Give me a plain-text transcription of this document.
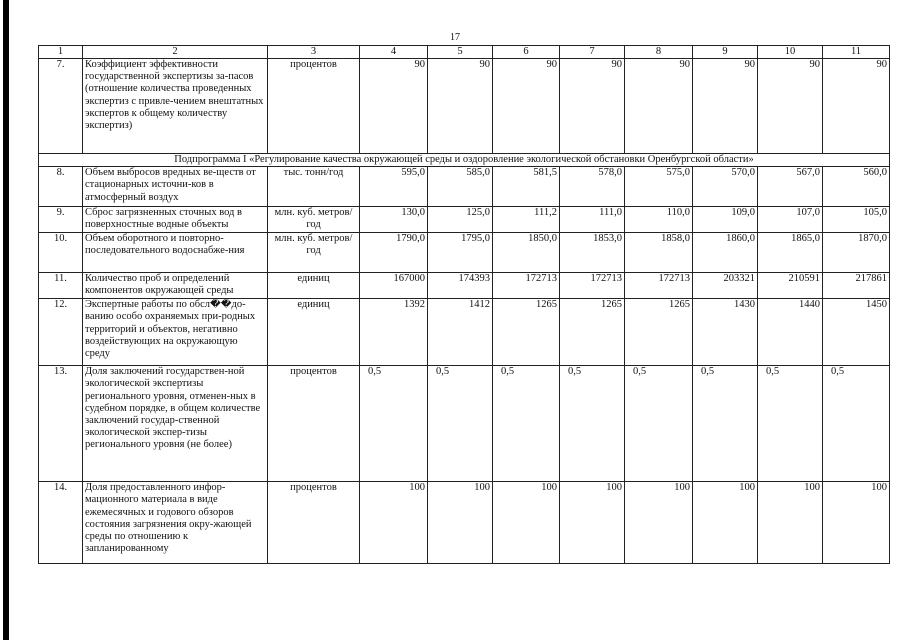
17
1	2	3	4	5	6	7	8	9	10	11
7.	Коэффициент эффективности государственной экспертизы за-пасов (отношение количества проведенных экспертиз с привле-чением внештатных экспертов к общему количеству экспертиз)	процентов	90	90	90	90	90	90	90	90
Подпрограмма I «Регулирование качества окружающей среды и оздоровление экологической обстановки Оренбургской области»										
8.	Объем выбросов вредных ве-ществ от стационарных источни-ков в атмосферный воздух	тыс. тонн/год	595,0	585,0	581,5	578,0	575,0	570,0	567,0	560,0
9.	Сброс загрязненных сточных вод в поверхностные водные объекты	млн. куб. метров/год	130,0	125,0	111,2	111,0	110,0	109,0	107,0	105,0
10.	Объем оборотного и повторно-последовательного водоснабже-ния	млн. куб. метров/год	1790,0	1795,0	1850,0	1853,0	1858,0	1860,0	1865,0	1870,0
11.	Количество проб и определений компонентов окружающей среды	единиц	167000	174393	172713	172713	172713	203321	210591	217861
12.	Экспертные работы по обсл��до-ванию особо охраняемых при-родных территорий и объектов, негативно воздействующих на окружающую среду	единиц	1392	1412	1265	1265	1265	1430	1440	1450
13.	Доля заключений государствен-ной экологической экспертизы регионального уровня, отменен-ных в судебном порядке, в общем количестве заключений государ-ственной экологической экспер-тизы регионального уровня (не более)	процентов	0,5	0,5	0,5	0,5	0,5	0,5	0,5	0,5
14.	Доля предоставленного инфор-мационного материала в виде ежемесячных и годового обзоров состояния загрязнения окру-жающей среды по отношению к запланированному	процентов	100	100	100	100	100	100	100	100
